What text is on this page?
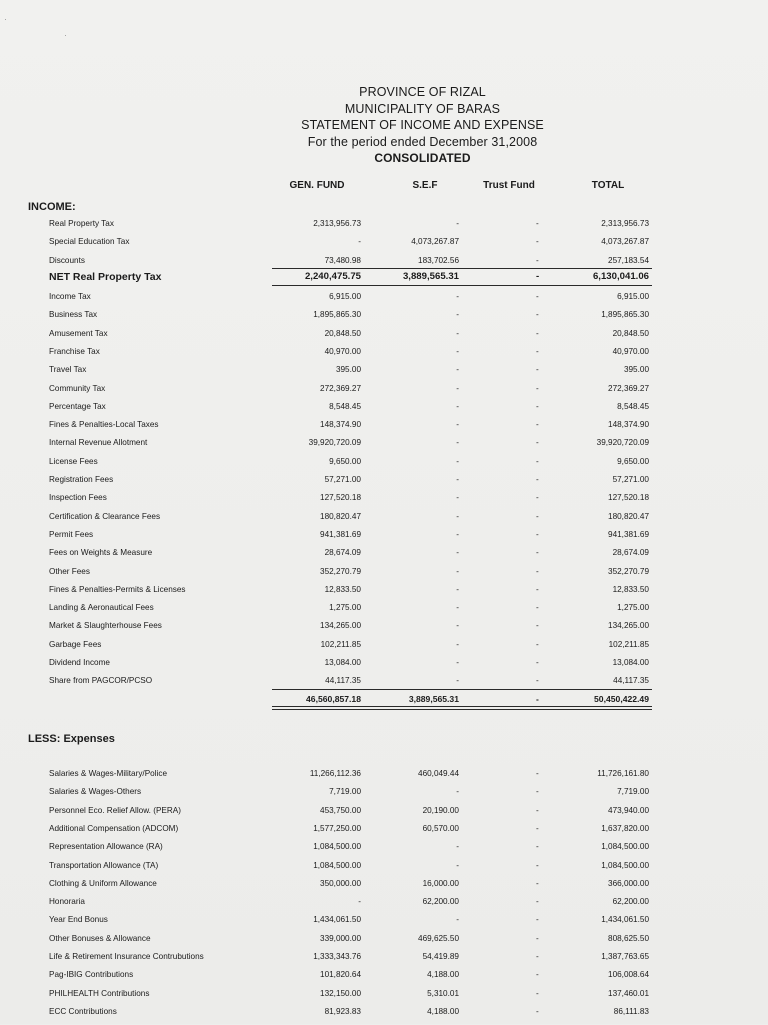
·
·
PROVINCE OF RIZAL
MUNICIPALITY OF BARAS
STATEMENT OF INCOME AND EXPENSE
For the period ended December 31,2008
CONSOLIDATED
GEN. FUND	S.E.F	Trust Fund	TOTAL
INCOME:
LESS: Expenses
Real Property Tax	2,313,956.73	-	-	2,313,956.73
Special Education Tax	-	4,073,267.87	-	4,073,267.87
Discounts	73,480.98	183,702.56	-	257,183.54
NET Real Property Tax	2,240,475.75	3,889,565.31	-	6,130,041.06
Income Tax	6,915.00	-	-	6,915.00
Business Tax	1,895,865.30	-	-	1,895,865.30
Amusement Tax	20,848.50	-	-	20,848.50
Franchise Tax	40,970.00	-	-	40,970.00
Travel Tax	395.00	-	-	395.00
Community Tax	272,369.27	-	-	272,369.27
Percentage Tax	8,548.45	-	-	8,548.45
Fines & Penalties-Local Taxes	148,374.90	-	-	148,374.90
Internal Revenue Allotment	39,920,720.09	-	-	39,920,720.09
License Fees	9,650.00	-	-	9,650.00
Registration Fees	57,271.00	-	-	57,271.00
Inspection Fees	127,520.18	-	-	127,520.18
Certification & Clearance Fees	180,820.47	-	-	180,820.47
Permit Fees	941,381.69	-	-	941,381.69
Fees on Weights & Measure	28,674.09	-	-	28,674.09
Other Fees	352,270.79	-	-	352,270.79
Fines & Penalties-Permits & Licenses	12,833.50	-	-	12,833.50
Landing & Aeronautical Fees	1,275.00	-	-	1,275.00
Market & Slaughterhouse Fees	134,265.00	-	-	134,265.00
Garbage Fees	102,211.85	-	-	102,211.85
Dividend Income	13,084.00	-	-	13,084.00
Share from PAGCOR/PCSO	44,117.35	-	-	44,117.35
Salaries & Wages-Military/Police	11,266,112.36	460,049.44	-	11,726,161.80
Salaries & Wages-Others	7,719.00	-	-	7,719.00
Personnel Eco. Relief Allow. (PERA)	453,750.00	20,190.00	-	473,940.00
Additional Compensation (ADCOM)	1,577,250.00	60,570.00	-	1,637,820.00
Representation Allowance (RA)	1,084,500.00	-	-	1,084,500.00
Transportation Allowance (TA)	1,084,500.00	-	-	1,084,500.00
Clothing & Uniform Allowance	350,000.00	16,000.00	-	366,000.00
Honoraria	-	62,200.00	-	62,200.00
Year End Bonus	1,434,061.50	-	-	1,434,061.50
Other Bonuses & Allowance	339,000.00	469,625.50	-	808,625.50
Life & Retirement Insurance Contrubutions	1,333,343.76	54,419.89	-	1,387,763.65
Pag-IBIG Contributions	101,820.64	4,188.00	-	106,008.64
PHILHEALTH Contributions	132,150.00	5,310.01	-	137,460.01
ECC Contributions	81,923.83	4,188.00	-	86,111.83
46,560,857.18	3,889,565.31	-	50,450,422.49
